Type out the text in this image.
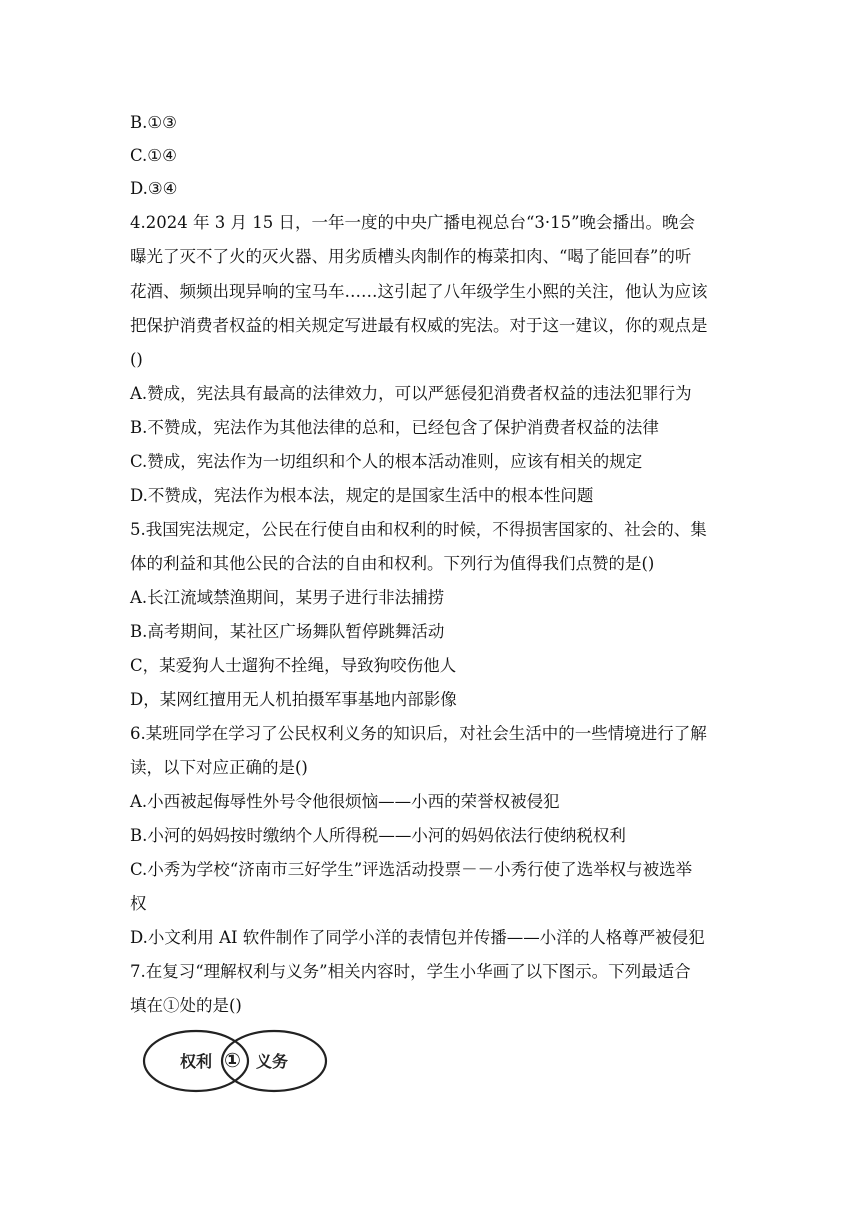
B.①③
C.①④
D.③④
4.2024 年 3 月 15 日，一年一度的中央广播电视总台“3·15”晚会播出。晚会
曝光了灭不了火的灭火器、用劣质槽头肉制作的梅菜扣肉、“喝了能回春”的听
花酒、频频出现异响的宝马车……这引起了八年级学生小熙的关注，他认为应该
把保护消费者权益的相关规定写进最有权威的宪法。对于这一建议，你的观点是
()
A.赞成，宪法具有最高的法律效力，可以严惩侵犯消费者权益的违法犯罪行为
B.不赞成，宪法作为其他法律的总和，已经包含了保护消费者权益的法律
C.赞成，宪法作为一切组织和个人的根本活动准则，应该有相关的规定
D.不赞成，宪法作为根本法，规定的是国家生活中的根本性问题
5.我国宪法规定，公民在行使自由和权利的时候，不得损害国家的、社会的、集
体的利益和其他公民的合法的自由和权利。下列行为值得我们点赞的是()
A.长江流域禁渔期间，某男子进行非法捕捞
B.高考期间，某社区广场舞队暂停跳舞活动
C，某爱狗人士遛狗不拴绳，导致狗咬伤他人
D，某网红擅用无人机拍摄军事基地内部影像
6.某班同学在学习了公民权利义务的知识后，对社会生活中的一些情境进行了解
读，以下对应正确的是()
A.小西被起侮辱性外号令他很烦恼——小西的荣誉权被侵犯
B.小河的妈妈按时缴纳个人所得税——小河的妈妈依法行使纳税权利
C.小秀为学校“济南市三好学生”评选活动投票－－小秀行使了选举权与被选举
权
D.小文利用 AI 软件制作了同学小洋的表情包并传播——小洋的人格尊严被侵犯
7.在复习“理解权利与义务”相关内容时，学生小华画了以下图示。下列最适合
填在①处的是()
权利 ① 义务
